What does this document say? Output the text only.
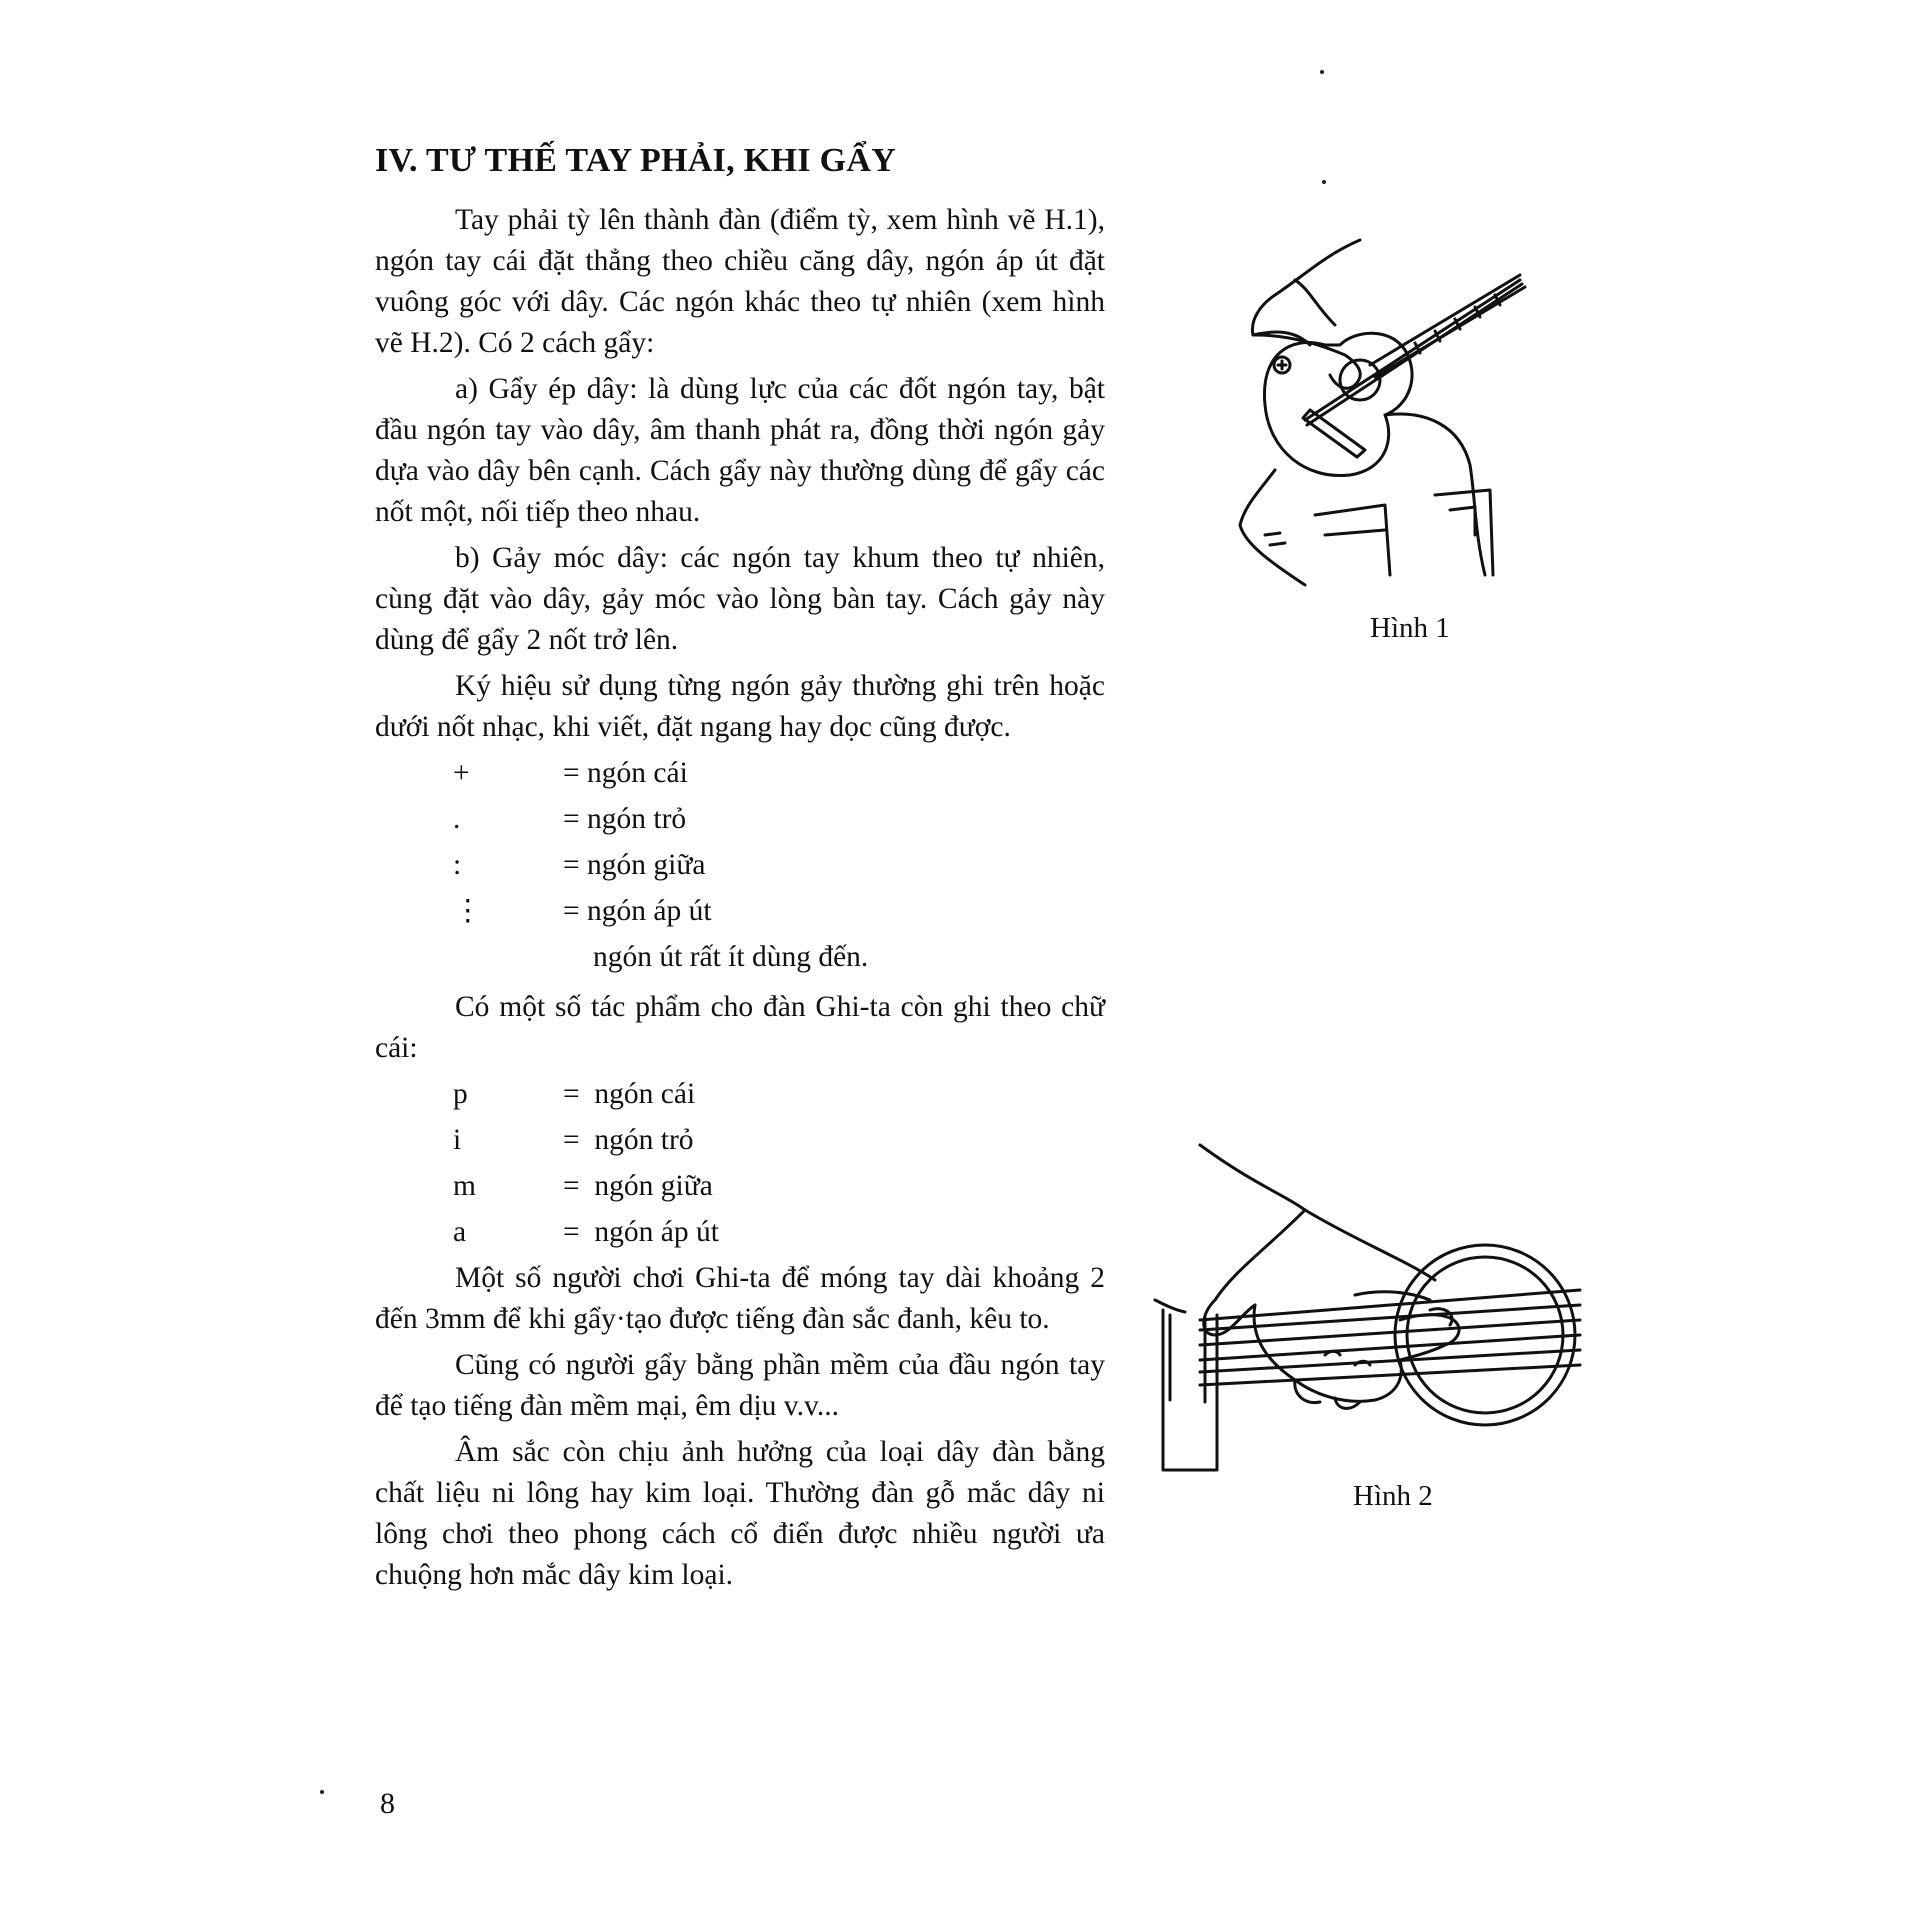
IV. TƯ THẾ TAY PHẢI, KHI GẨY

Tay phải tỳ lên thành đàn (điểm tỳ, xem hình vẽ H.1), ngón tay cái đặt thẳng theo chiều căng dây, ngón áp út đặt vuông góc với dây. Các ngón khác theo tự nhiên (xem hình vẽ H.2). Có 2 cách gẩy:

a) Gẩy ép dây: là dùng lực của các đốt ngón tay, bật đầu ngón tay vào dây, âm thanh phát ra, đồng thời ngón gảy dựa vào dây bên cạnh. Cách gẩy này thường dùng để gẩy các nốt một, nối tiếp theo nhau.

b) Gảy móc dây: các ngón tay khum theo tự nhiên, cùng đặt vào dây, gảy móc vào lòng bàn tay. Cách gảy này dùng để gẩy 2 nốt trở lên.

Ký hiệu sử dụng từng ngón gảy thường ghi trên hoặc dưới nốt nhạc, khi viết, đặt ngang hay dọc cũng được.

+	= ngón cái
.	= ngón trỏ
:	= ngón giữa
⋮	= ngón áp út
ngón út rất ít dùng đến.

Có một số tác phẩm cho đàn Ghi-ta còn ghi theo chữ cái:

p	=  ngón cái
i	=  ngón trỏ
m	=  ngón giữa
a	=  ngón áp út

Một số người chơi Ghi-ta để móng tay dài khoảng 2 đến 3mm để khi gẩy·tạo được tiếng đàn sắc đanh, kêu to.

Cũng có người gẩy bằng phần mềm của đầu ngón tay để tạo tiếng đàn mềm mại, êm dịu v.v...

Âm sắc còn chịu ảnh hưởng của loại dây đàn bằng chất liệu ni lông hay kim loại. Thường đàn gỗ mắc dây ni lông chơi theo phong cách cổ điển được nhiều người ưa chuộng hơn mắc dây kim loại.

Hình 1
Hình 2
8
